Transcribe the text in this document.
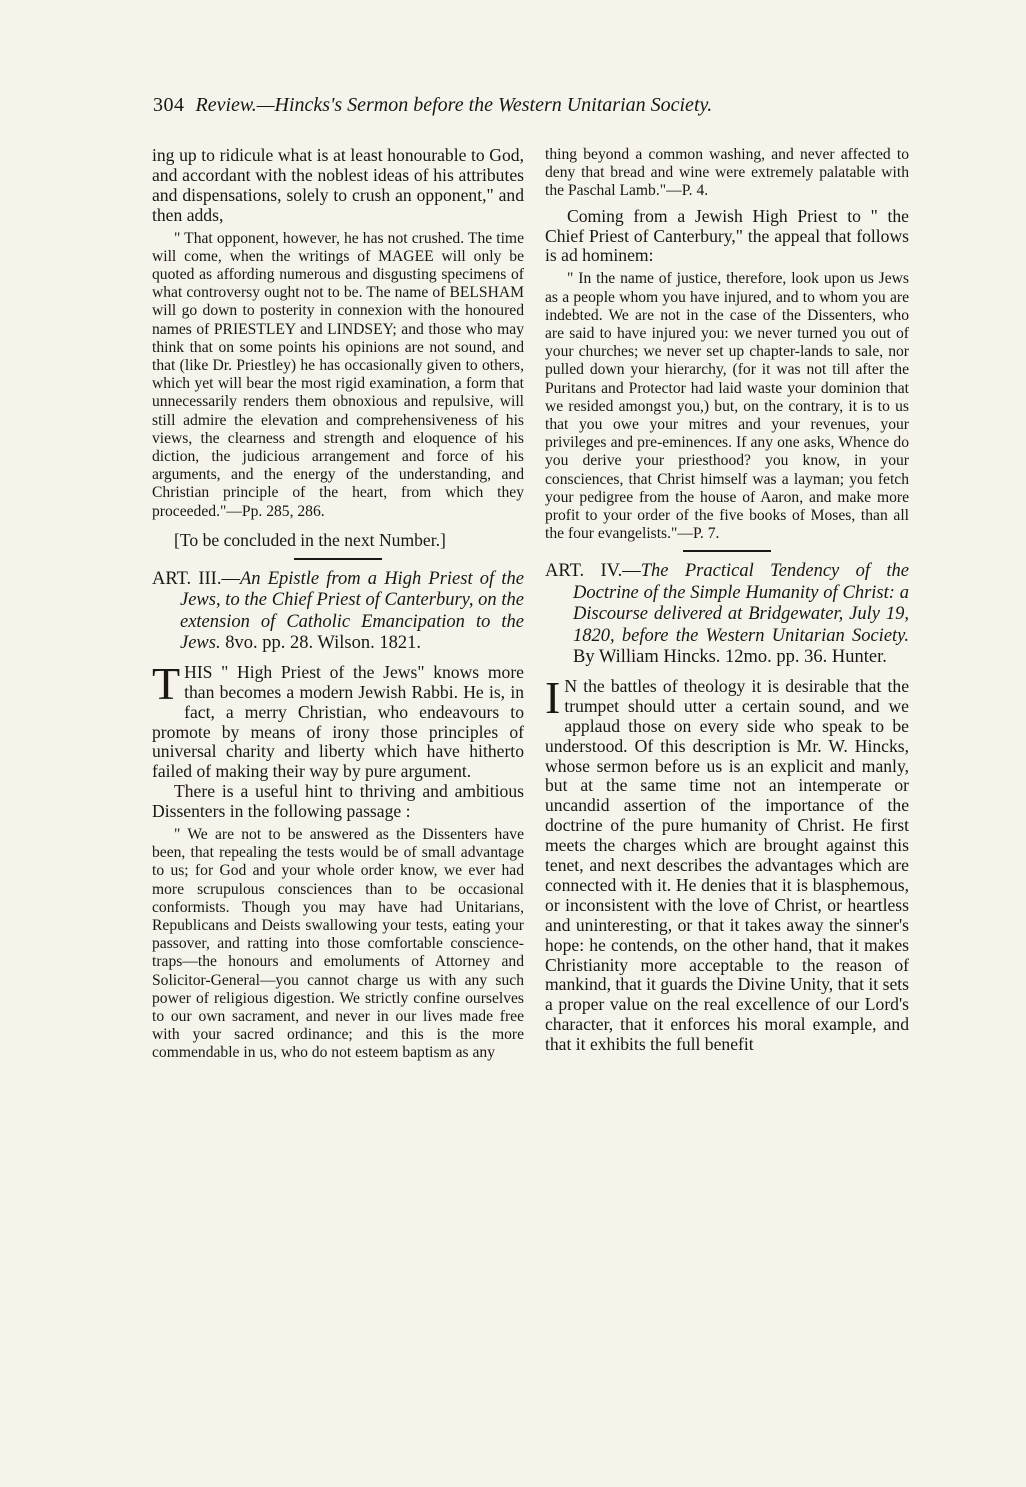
304 Review.—Hincks's Sermon before the Western Unitarian Society.

ing up to ridicule what is at least honourable to God, and accordant with the noblest ideas of his attributes and dispensations, solely to crush an opponent," and then adds,

" That opponent, however, he has not crushed. The time will come, when the writings of MAGEE will only be quoted as affording numerous and disgusting specimens of what controversy ought not to be. The name of BELSHAM will go down to posterity in connexion with the honoured names of PRIESTLEY and LINDSEY; and those who may think that on some points his opinions are not sound, and that (like Dr. Priestley) he has occasionally given to others, which yet will bear the most rigid examination, a form that unnecessarily renders them obnoxious and repulsive, will still admire the elevation and comprehensiveness of his views, the clearness and strength and eloquence of his diction, the judicious arrangement and force of his arguments, and the energy of the understanding, and Christian principle of the heart, from which they proceeded."—Pp. 285, 286.

[To be concluded in the next Number.]

ART. III.—An Epistle from a High Priest of the Jews, to the Chief Priest of Canterbury, on the extension of Catholic Emancipation to the Jews. 8vo. pp. 28. Wilson. 1821.

THIS " High Priest of the Jews" knows more than becomes a modern Jewish Rabbi. He is, in fact, a merry Christian, who endeavours to promote by means of irony those principles of universal charity and liberty which have hitherto failed of making their way by pure argument.

There is a useful hint to thriving and ambitious Dissenters in the following passage :

" We are not to be answered as the Dissenters have been, that repealing the tests would be of small advantage to us; for God and your whole order know, we ever had more scrupulous consciences than to be occasional conformists. Though you may have had Unitarians, Republicans and Deists swallowing your tests, eating your passover, and ratting into those comfortable conscience-traps—the honours and emoluments of Attorney and Solicitor-General—you cannot charge us with any such power of religious digestion. We strictly confine ourselves to our own sacrament, and never in our lives made free with your sacred ordinance; and this is the more commendable in us, who do not esteem baptism as any

thing beyond a common washing, and never affected to deny that bread and wine were extremely palatable with the Paschal Lamb."—P. 4.

Coming from a Jewish High Priest to " the Chief Priest of Canterbury," the appeal that follows is ad hominem:

" In the name of justice, therefore, look upon us Jews as a people whom you have injured, and to whom you are indebted. We are not in the case of the Dissenters, who are said to have injured you: we never turned you out of your churches; we never set up chapter-lands to sale, nor pulled down your hierarchy, (for it was not till after the Puritans and Protector had laid waste your dominion that we resided amongst you,) but, on the contrary, it is to us that you owe your mitres and your revenues, your privileges and pre-eminences. If any one asks, Whence do you derive your priesthood? you know, in your consciences, that Christ himself was a layman; you fetch your pedigree from the house of Aaron, and make more profit to your order of the five books of Moses, than all the four evangelists."—P. 7.

ART. IV.—The Practical Tendency of the Doctrine of the Simple Humanity of Christ: a Discourse delivered at Bridgewater, July 19, 1820, before the Western Unitarian Society. By William Hincks. 12mo. pp. 36. Hunter.

I N the battles of theology it is desirable that the trumpet should utter a certain sound, and we applaud those on every side who speak to be understood. Of this description is Mr. W. Hincks, whose sermon before us is an explicit and manly, but at the same time not an intemperate or uncandid assertion of the importance of the doctrine of the pure humanity of Christ. He first meets the charges which are brought against this tenet, and next describes the advantages which are connected with it. He denies that it is blasphemous, or inconsistent with the love of Christ, or heartless and uninteresting, or that it takes away the sinner's hope: he contends, on the other hand, that it makes Christianity more acceptable to the reason of mankind, that it guards the Divine Unity, that it sets a proper value on the real excellence of our Lord's character, that it enforces his moral example, and that it exhibits the full benefit
